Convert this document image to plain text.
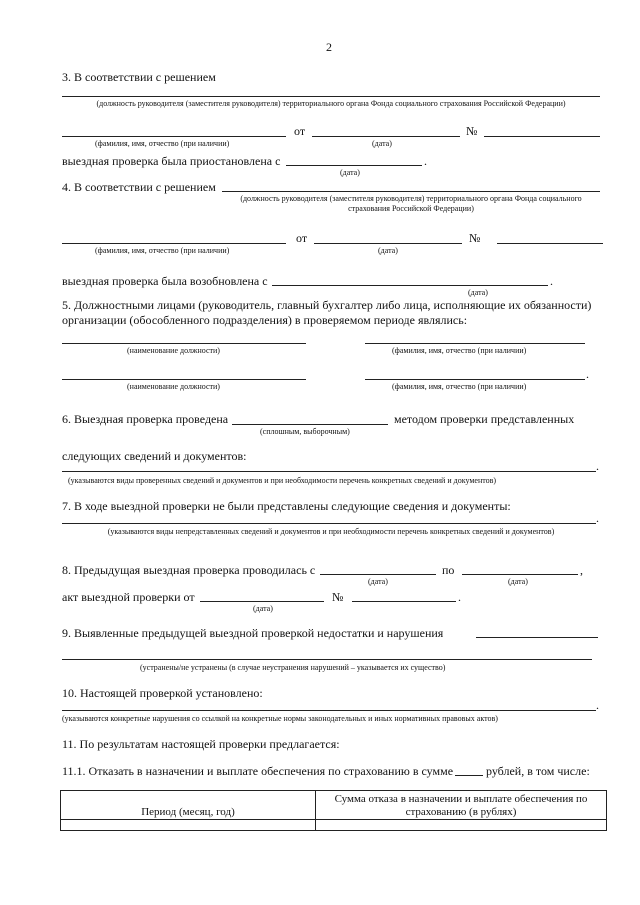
2
3. В соответствии с решением
(должность руководителя (заместителя руководителя) территориального органа Фонда социального страхования Российской Федерации)
от	№
(фамилия, имя, отчество (при наличии)	(дата)
выездная проверка была приостановлена с	.
(дата)
4. В соответствии с решением
(должность руководителя (заместителя руководителя) территориального органа Фонда социального страхования Российской Федерации)
от	№
(фамилия, имя, отчество (при наличии)	(дата)
выездная проверка была возобновлена с	.
(дата)
5. Должностными лицами (руководитель, главный бухгалтер либо лица, исполняющие их обязанности)
организации (обособленного подразделения) в проверяемом периоде являлись:
(наименование должности)	(фамилия, имя, отчество (при наличии)
.
(наименование должности)	(фамилия, имя, отчество (при наличии)
6. Выездная проверка проведена	методом проверки представленных
(сплошным, выборочным)
следующих сведений и документов:
.
(указываются виды проверенных сведений и документов и при необходимости перечень конкретных сведений и документов)
7. В ходе выездной проверки не были представлены следующие сведения и документы:
.
(указываются виды непредставленных сведений и документов и при необходимости перечень конкретных сведений и документов)
8. Предыдущая выездная проверка проводилась с	по	,
(дата)	(дата)
акт выездной проверки от	№	.
(дата)
9. Выявленные предыдущей выездной проверкой недостатки и нарушения
(устранены/не устранены (в случае неустранения нарушений – указывается их существо)
10. Настоящей проверкой установлено:
.
(указываются конкретные нарушения со ссылкой на конкретные нормы законодательных и иных нормативных правовых актов)
11. По результатам настоящей проверки предлагается:
11.1. Отказать в назначении и выплате обеспечения по страхованию в сумме	рублей, в том числе:
Период (месяц, год)	Сумма отказа в назначении и выплате обеспечения по страхованию (в рублях)
